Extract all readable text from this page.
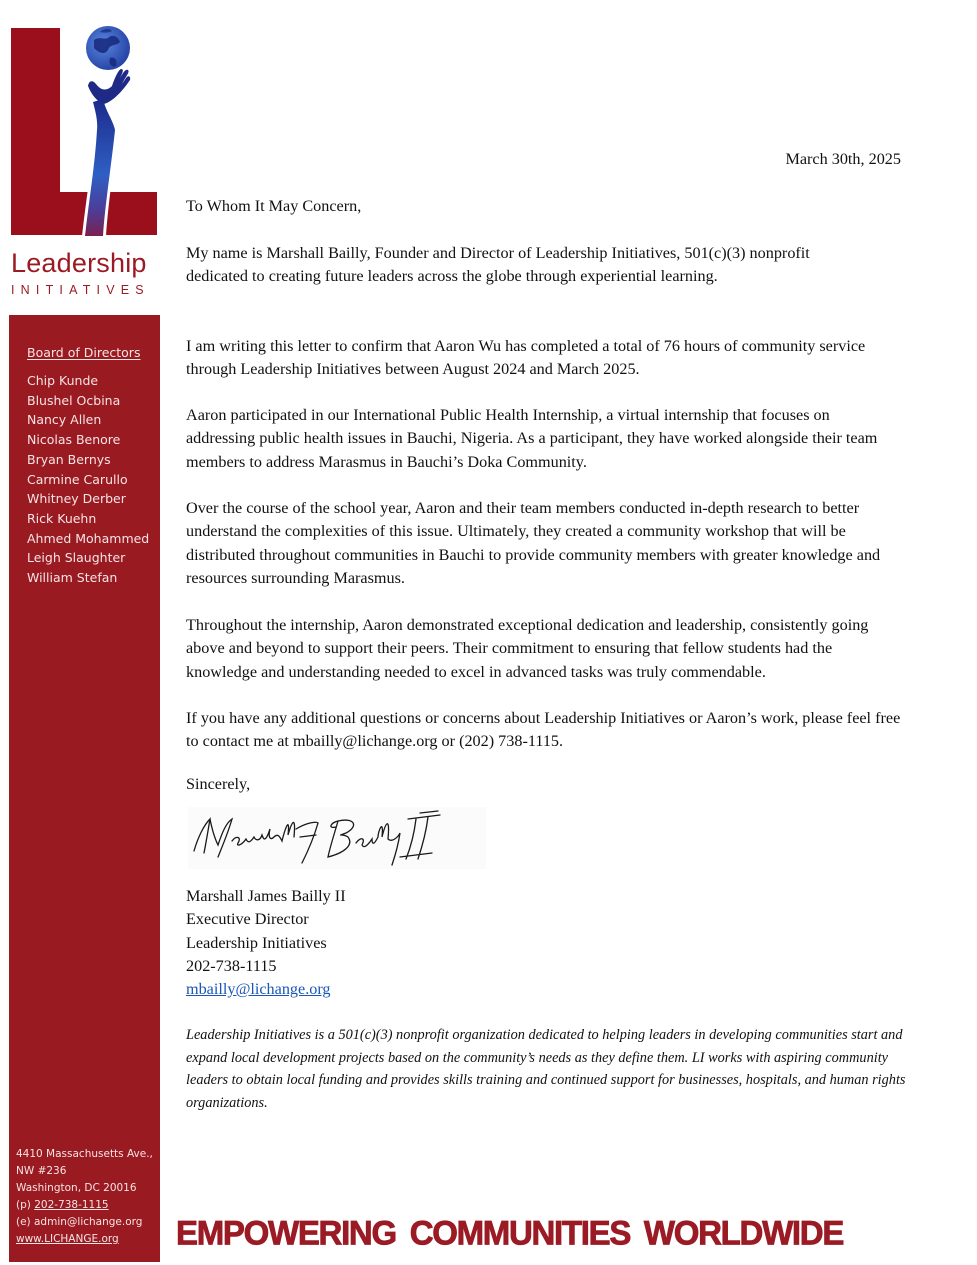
Leadership
INITIATIVES
Board of Directors
Chip Kunde
Blushel Ocbina
Nancy Allen
Nicolas Benore
Bryan Bernys
Carmine Carullo
Whitney Derber
Rick Kuehn
Ahmed Mohammed
Leigh Slaughter
William Stefan
4410 Massachusetts Ave.,
NW #236
Washington, DC 20016
(p) 202-738-1115
(e) admin@lichange.org
www.LICHANGE.org
March 30th, 2025
To Whom It May Concern,

My name is Marshall Bailly, Founder and Director of Leadership Initiatives, 501(c)(3) nonprofit dedicated to creating future leaders across the globe through experiential learning.

I am writing this letter to confirm that Aaron Wu has completed a total of 76 hours of community service through Leadership Initiatives between August 2024 and March 2025.

Aaron participated in our International Public Health Internship, a virtual internship that focuses on addressing public health issues in Bauchi, Nigeria. As a participant, they have worked alongside their team members to address Marasmus in Bauchi’s Doka Community.

Over the course of the school year, Aaron and their team members conducted in-depth research to better understand the complexities of this issue. Ultimately, they created a community workshop that will be distributed throughout communities in Bauchi to provide community members with greater knowledge and resources surrounding Marasmus.

Throughout the internship, Aaron demonstrated exceptional dedication and leadership, consistently going above and beyond to support their peers. Their commitment to ensuring that fellow students had the knowledge and understanding needed to excel in advanced tasks was truly commendable.

If you have any additional questions or concerns about Leadership Initiatives or Aaron’s work, please feel free to contact me at mbailly@lichange.org or (202) 738-1115.

Sincerely,
Marshall James Bailly II
Executive Director
Leadership Initiatives
202-738-1115
mbailly@lichange.org

Leadership Initiatives is a 501(c)(3) nonprofit organization dedicated to helping leaders in developing communities start and expand local development projects based on the community’s needs as they define them. LI works with aspiring community leaders to obtain local funding and provides skills training and continued support for businesses, hospitals, and human rights organizations.

EMPOWERING COMMUNITIES WORLDWIDE
